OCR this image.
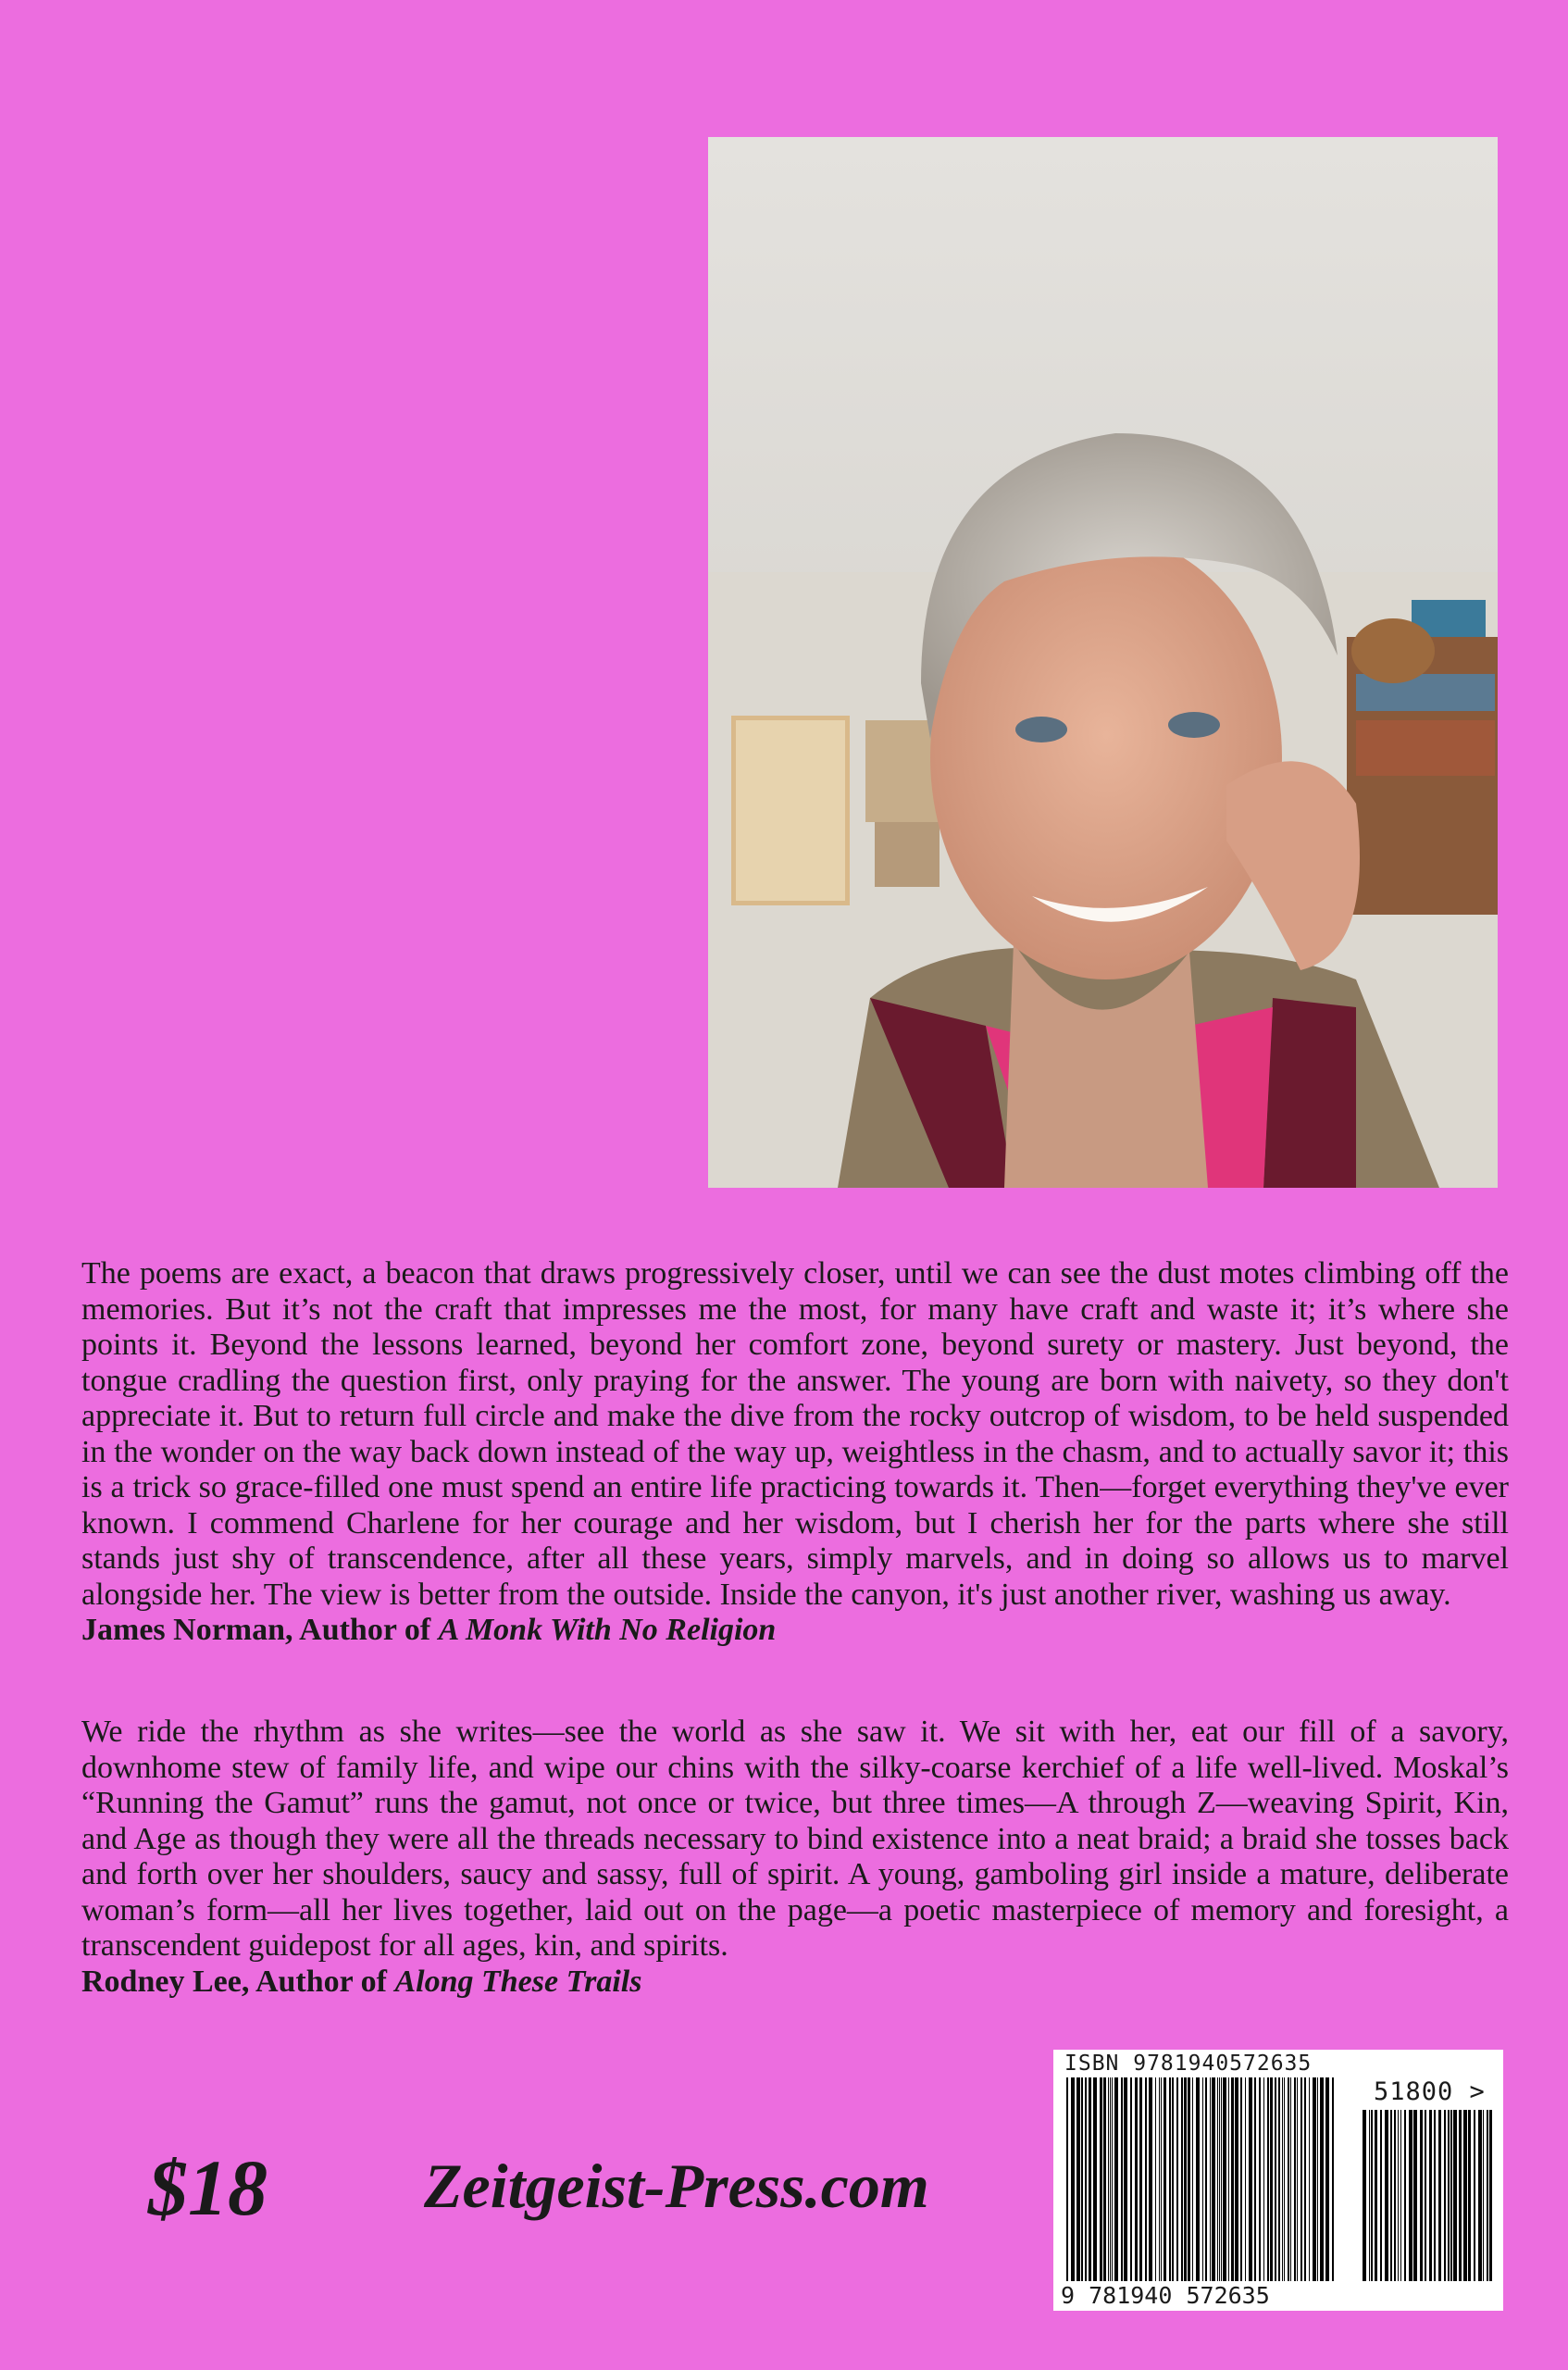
The poems are exact, a beacon that draws progressively closer, until we can see the dust motes climbing off the memories. But it’s not the craft that impresses me the most, for many have craft and waste it; it’s where she points it. Beyond the lessons learned, beyond her comfort zone, beyond surety or mastery. Just beyond, the tongue cradling the question first, only praying for the answer. The young are born with naivety, so they don't appreciate it. But to return full circle and make the dive from the rocky outcrop of wisdom, to be held suspended in the wonder on the way back down instead of the way up, weightless in the chasm, and to actually savor it; this is a trick so grace-filled one must spend an entire life practicing towards it. Then—forget everything they've ever known. I commend Charlene for her courage and her wisdom, but I cherish her for the parts where she still stands just shy of transcendence, after all these years, simply marvels, and in doing so allows us to marvel alongside her. The view is better from the outside. Inside the canyon, it's just another river, washing us away.

James Norman, Author of A Monk With No Religion

We ride the rhythm as she writes—see the world as she saw it. We sit with her, eat our fill of a savory, downhome stew of family life, and wipe our chins with the silky-coarse kerchief of a life well-lived. Moskal’s “Running the Gamut” runs the gamut, not once or twice, but three times—A through Z—weaving Spirit, Kin, and Age as though they were all the threads necessary to bind existence into a neat braid; a braid she tosses back and forth over her shoulders, saucy and sassy, full of spirit. A young, gamboling girl inside a mature, deliberate woman’s form—all her lives together, laid out on the page—a poetic masterpiece of memory and foresight, a transcendent guidepost for all ages, kin, and spirits.

Rodney Lee, Author of Along These Trails

$18 Zeitgeist-Press.com
ISBN 9781940572635
51800 >
9 781940 572635
